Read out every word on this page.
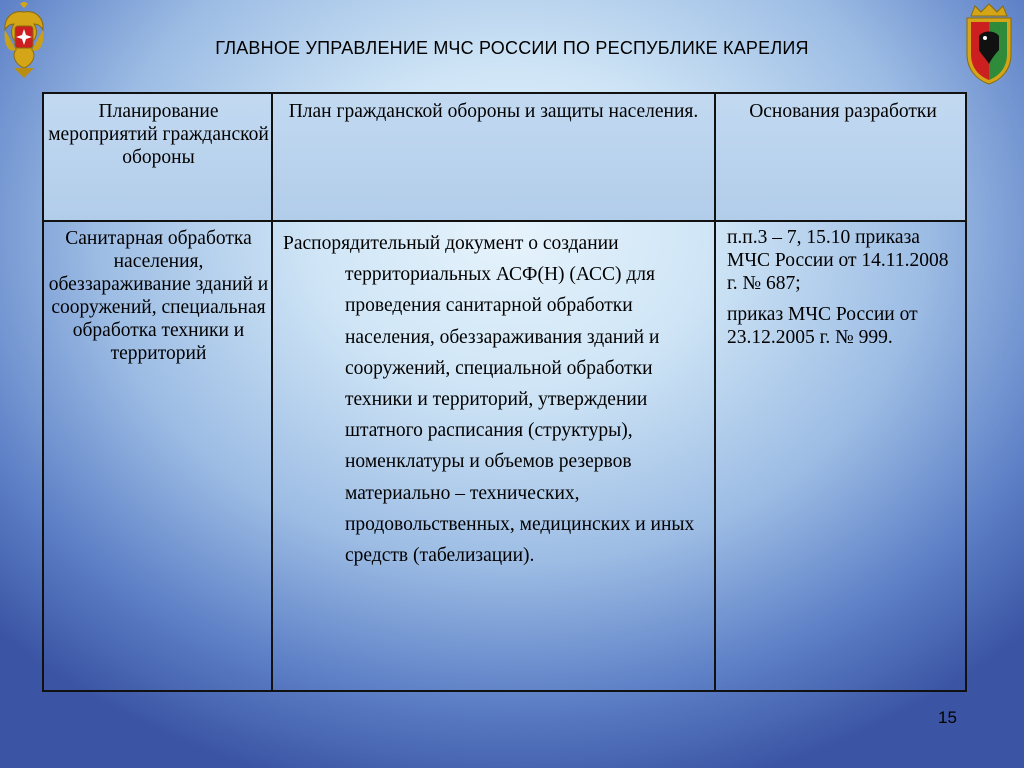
ГЛАВНОЕ УПРАВЛЕНИЕ МЧС РОССИИ ПО РЕСПУБЛИКЕ КАРЕЛИЯ
Планирование мероприятий гражданской обороны
План гражданской обороны и защиты населения.	Основания разработки
Санитарная обработка населения, обеззараживание зданий и сооружений, специальная обработка техники и территорий

Распорядительный документ о создании территориальных АСФ(Н) (АСС) для проведения санитарной обработки населения, обеззараживания зданий и сооружений, специальной обработки техники и территорий, утверждении штатного расписания (структуры), номенклатуры и объемов резервов материально – технических, продовольственных, медицинских и иных средств (табелизации).

п.п.3 – 7, 15.10 приказа МЧС России от 14.11.2008 г. № 687;

приказ МЧС России от 23.12.2005 г. № 999.

15
